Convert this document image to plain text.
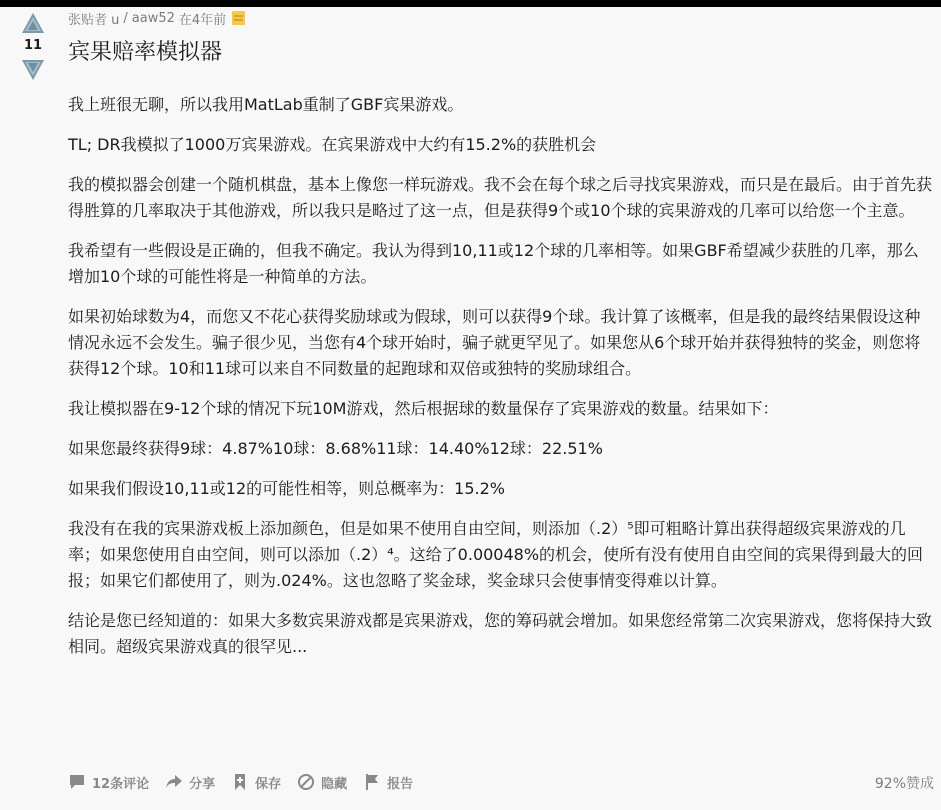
11
张贴者 u / aaw52 在4年前
宾果赔率模拟器

我上班很无聊，所以我用MatLab重制了GBF宾果游戏。

TL; DR我模拟了1000万宾果游戏。在宾果游戏中大约有15.2%的获胜机会

我的模拟器会创建一个随机棋盘，基本上像您一样玩游戏。我不会在每个球之后寻找宾果游戏，而只是在最后。由于首先获得胜算的几率取决于其他游戏，所以我只是略过了这一点，但是获得9个或10个球的宾果游戏的几率可以给您一个主意。

我希望有一些假设是正确的，但我不确定。我认为得到10,11或12个球的几率相等。如果GBF希望减少获胜的几率，那么增加10个球的可能性将是一种简单的方法。

如果初始球数为4，而您又不花心获得奖励球或为假球，则可以获得9个球。我计算了该概率，但是我的最终结果假设这种情况永远不会发生。骗子很少见，当您有4个球开始时，骗子就更罕见了。如果您从6个球开始并获得独特的奖金，则您将获得12个球。10和11球可以来自不同数量的起跑球和双倍或独特的奖励球组合。

我让模拟器在9-12个球的情况下玩10M游戏，然后根据球的数量保存了宾果游戏的数量。结果如下：

如果您最终获得9球：4.87%10球：8.68%11球：14.40%12球：22.51%

如果我们假设10,11或12的可能性相等，则总概率为：15.2%

我没有在我的宾果游戏板上添加颜色，但是如果不使用自由空间，则添加（.2）⁵即可粗略计算出获得超级宾果游戏的几率；如果您使用自由空间，则可以添加（.2）⁴。这给了0.00048%的机会，使所有没有使用自由空间的宾果得到最大的回报；如果它们都使用了，则为.024%。这也忽略了奖金球，奖金球只会使事情变得难以计算。

结论是您已经知道的：如果大多数宾果游戏都是宾果游戏，您的筹码就会增加。如果您经常第二次宾果游戏，您将保持大致相同。超级宾果游戏真的很罕见...

12条评论	分享	保存	隐藏	报告	92%赞成
